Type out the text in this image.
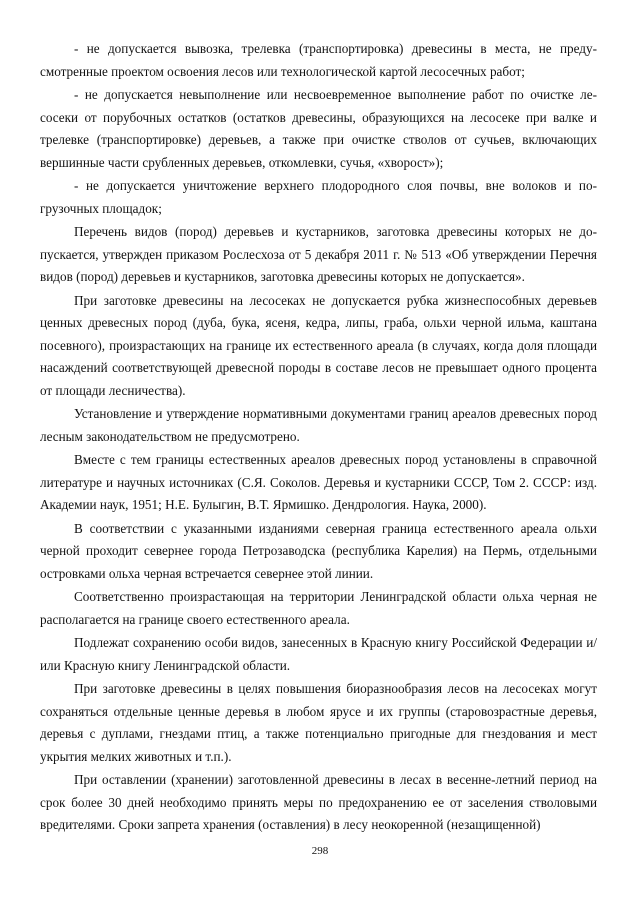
- не допускается вывозка, трелевка (транспортировка) древесины в места, не предусмотренные проектом освоения лесов или технологической картой лесосечных работ;

- не допускается невыполнение или несвоевременное выполнение работ по очистке лесосеки от порубочных остатков (остатков древесины, образующихся на лесосеке при валке и трелевке (транспортировке) деревьев, а также при очистке стволов от сучьев, включающих вершинные части срубленных деревьев, откомлевки, сучья, «хворост»);

- не допускается уничтожение верхнего плодородного слоя почвы, вне волоков и погрузочных площадок;

Перечень видов (пород) деревьев и кустарников, заготовка древесины которых не допускается, утвержден приказом Рослесхоза от 5 декабря 2011 г. № 513 «Об утверждении Перечня видов (пород) деревьев и кустарников, заготовка древесины которых не допускается».

При заготовке древесины на лесосеках не допускается рубка жизнеспособных деревьев ценных древесных пород (дуба, бука, ясеня, кедра, липы, граба, ольхи черной ильма, каштана посевного), произрастающих на границе их естественного ареала (в случаях, когда доля площади насаждений соответствующей древесной породы в составе лесов не превышает одного процента от площади лесничества).

Установление и утверждение нормативными документами границ ареалов древесных пород лесным законодательством не предусмотрено.

Вместе с тем границы естественных ареалов древесных пород установлены в справочной литературе и научных источниках (С.Я. Соколов. Деревья и кустарники СССР, Том 2. СССР: изд. Академии наук, 1951; Н.Е. Булыгин, В.Т. Ярмишко. Дендрология. Наука, 2000).

В соответствии с указанными изданиями северная граница естественного ареала ольхи черной проходит севернее города Петрозаводска (республика Карелия) на Пермь, отдельными островками ольха черная встречается севернее этой линии.

Соответственно произрастающая на территории Ленинградской области ольха черная не располагается на границе своего естественного ареала.

Подлежат сохранению особи видов, занесенных в Красную книгу Российской Федерации и/или Красную книгу Ленинградской области.

При заготовке древесины в целях повышения биоразнообразия лесов на лесосеках могут сохраняться отдельные ценные деревья в любом ярусе и их группы (старовозрастные деревья, деревья с дуплами, гнездами птиц, а также потенциально пригодные для гнездования и мест укрытия мелких животных и т.п.).

При оставлении (хранении) заготовленной древесины в лесах в весенне-летний период на срок более 30 дней необходимо принять меры по предохранению ее от заселения стволовыми вредителями. Сроки запрета хранения (оставления) в лесу неокоренной (незащищенной)

298
